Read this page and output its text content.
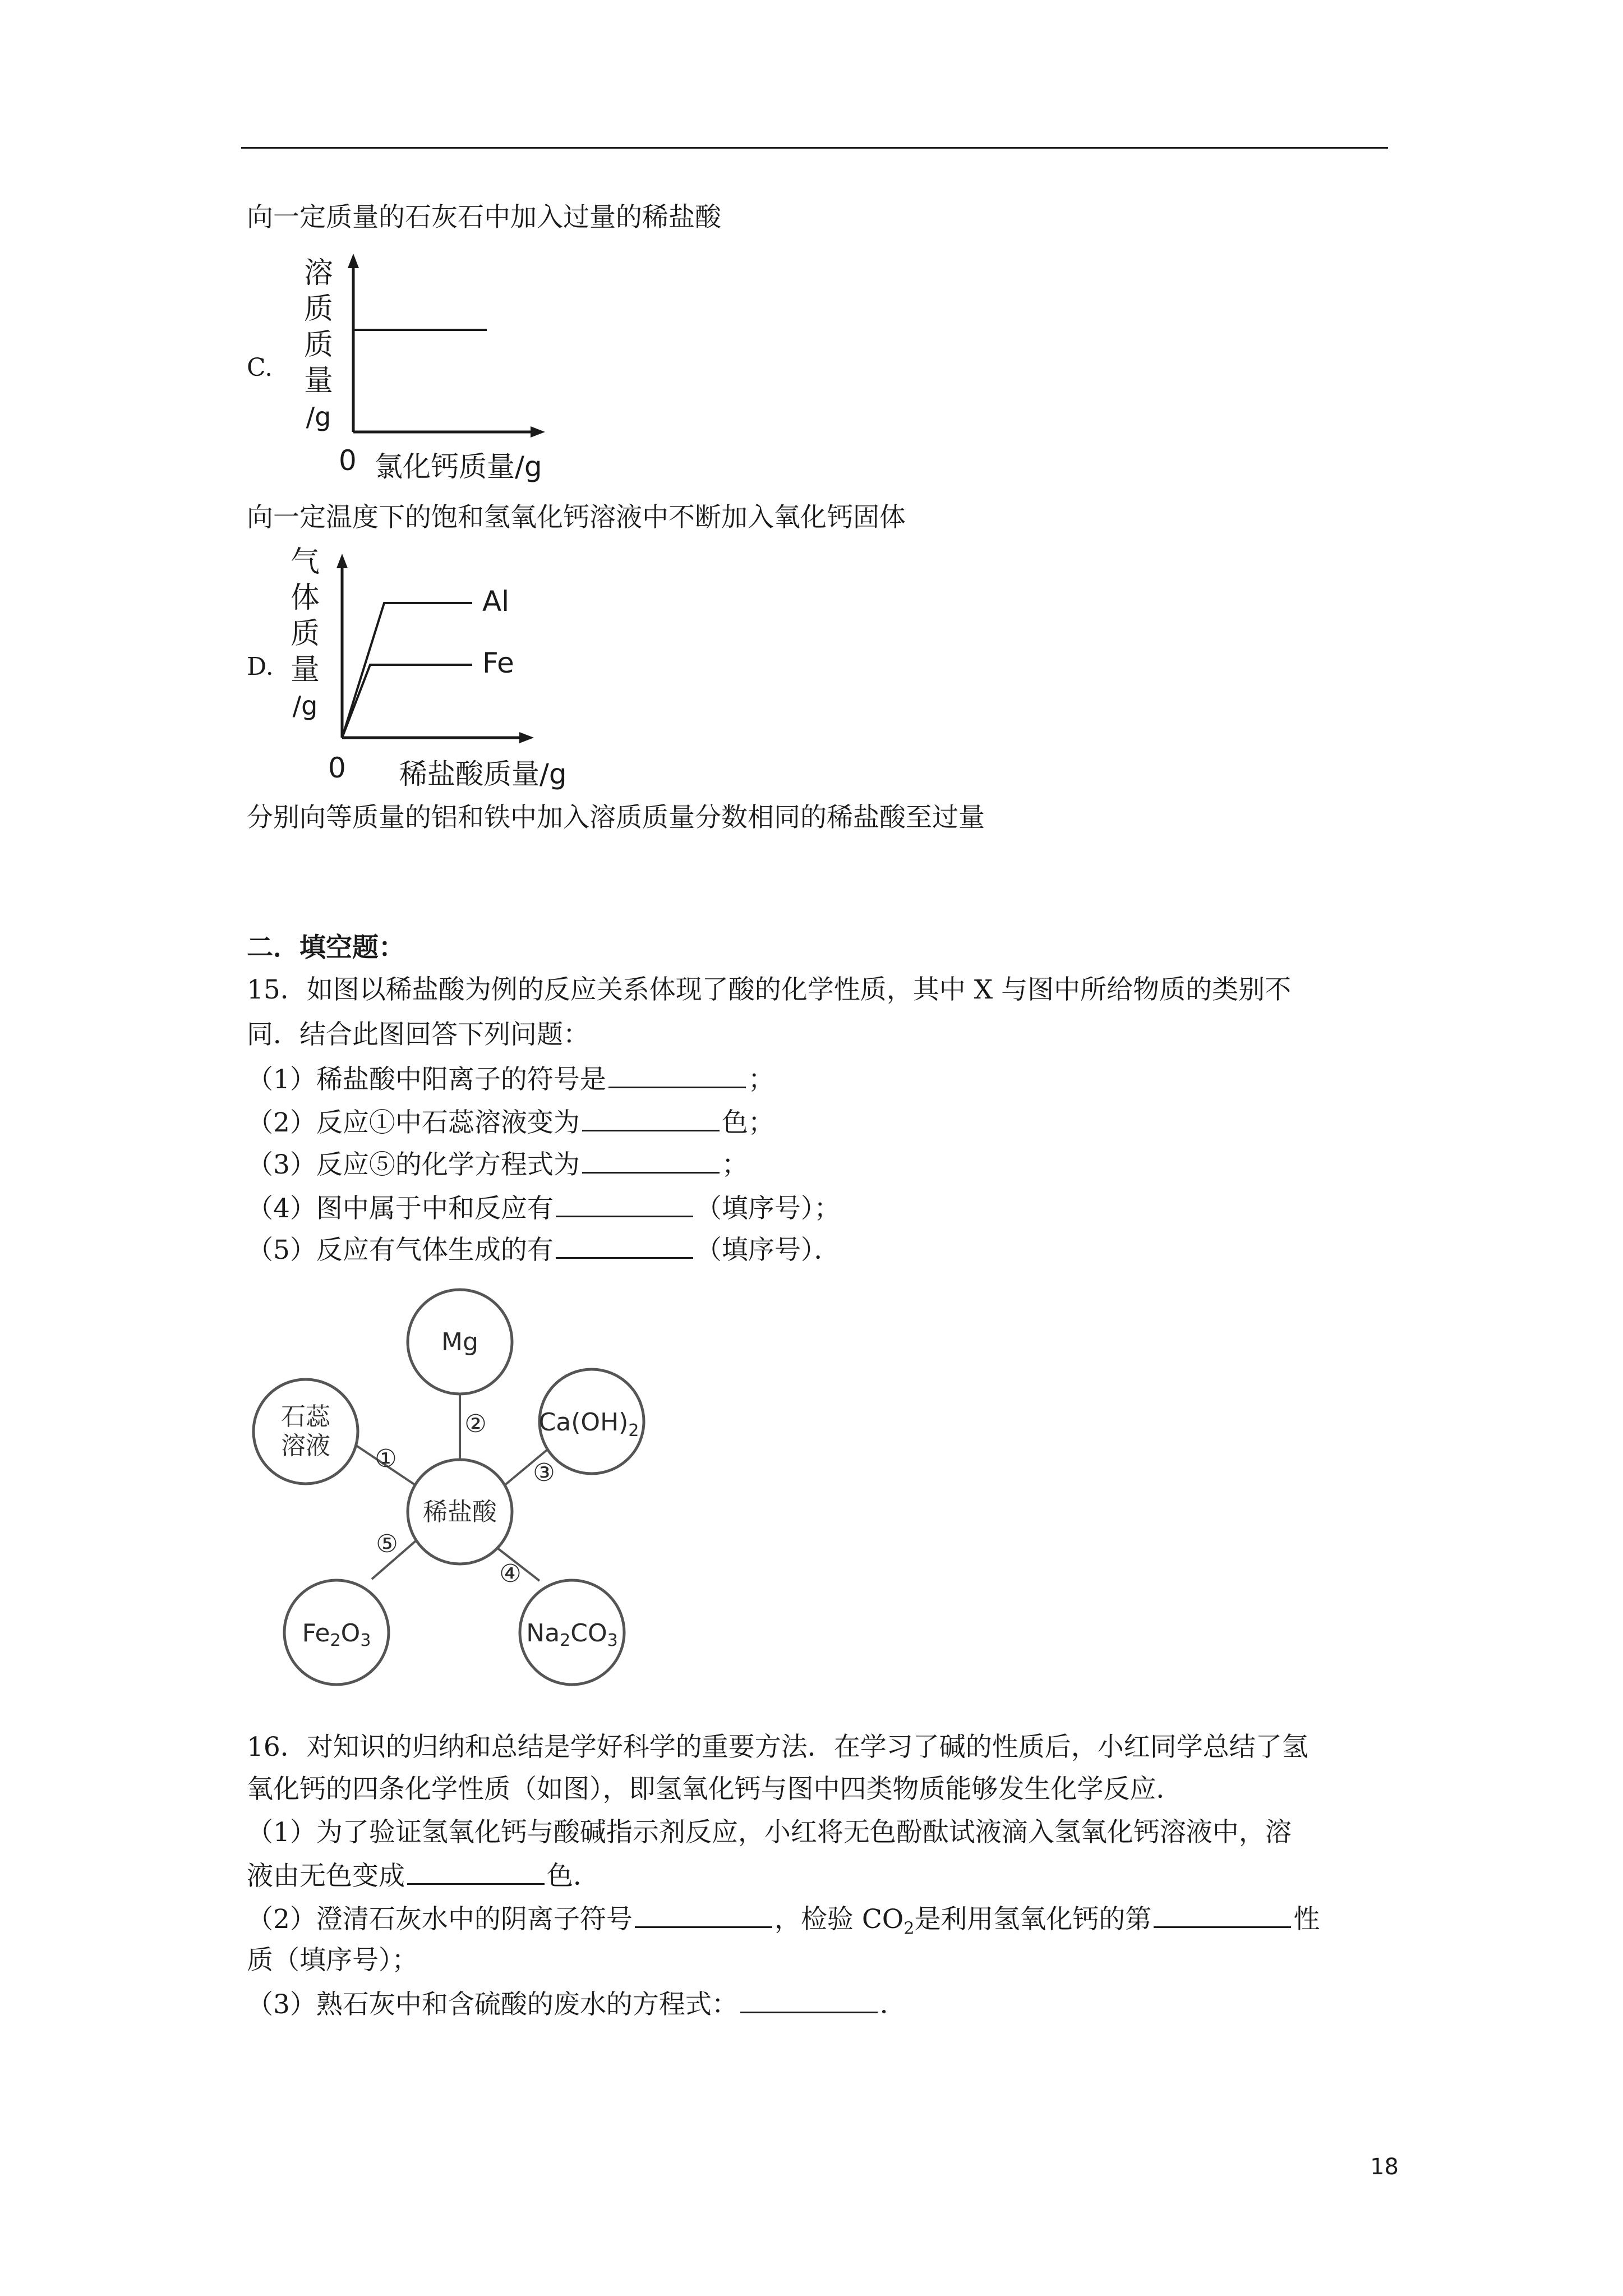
向一定质量的石灰石中加入过量的稀盐酸
C.
溶
质
质
量
/g
0 氯化钙质量/g
向一定温度下的饱和氢氧化钙溶液中不断加入氧化钙固体
D.
气
体
质
量
/g
Al
Fe
0 稀盐酸质量/g
分别向等质量的铝和铁中加入溶质质量分数相同的稀盐酸至过量
二．填空题：
15．如图以稀盐酸为例的反应关系体现了酸的化学性质，其中 X 与图中所给物质的类别不
同．结合此图回答下列问题：
（1）稀盐酸中阳离子的符号是	；
（2）反应①中石蕊溶液变为	色；
（3）反应⑤的化学方程式为	；
（4）图中属于中和反应有	（填序号）；
（5）反应有气体生成的有	（填序号）．
Mg
石蕊
溶液
$Ca(OH)_2$
稀盐酸
Fe2O3	Na2CO3
①
②
③
④
⑤
16．对知识的归纳和总结是学好科学的重要方法．在学习了碱的性质后，小红同学总结了氢
氧化钙的四条化学性质（如图），即氢氧化钙与图中四类物质能够发生化学反应．
（1）为了验证氢氧化钙与酸碱指示剂反应，小红将无色酚酞试液滴入氢氧化钙溶液中，溶
液由无色变成	色．
（2）澄清石灰水中的阴离子符号	，检验 $CO_2$是利用氢氧化钙的第	性
质（填序号）；
（3）熟石灰中和含硫酸的废水的方程式：	．
18
